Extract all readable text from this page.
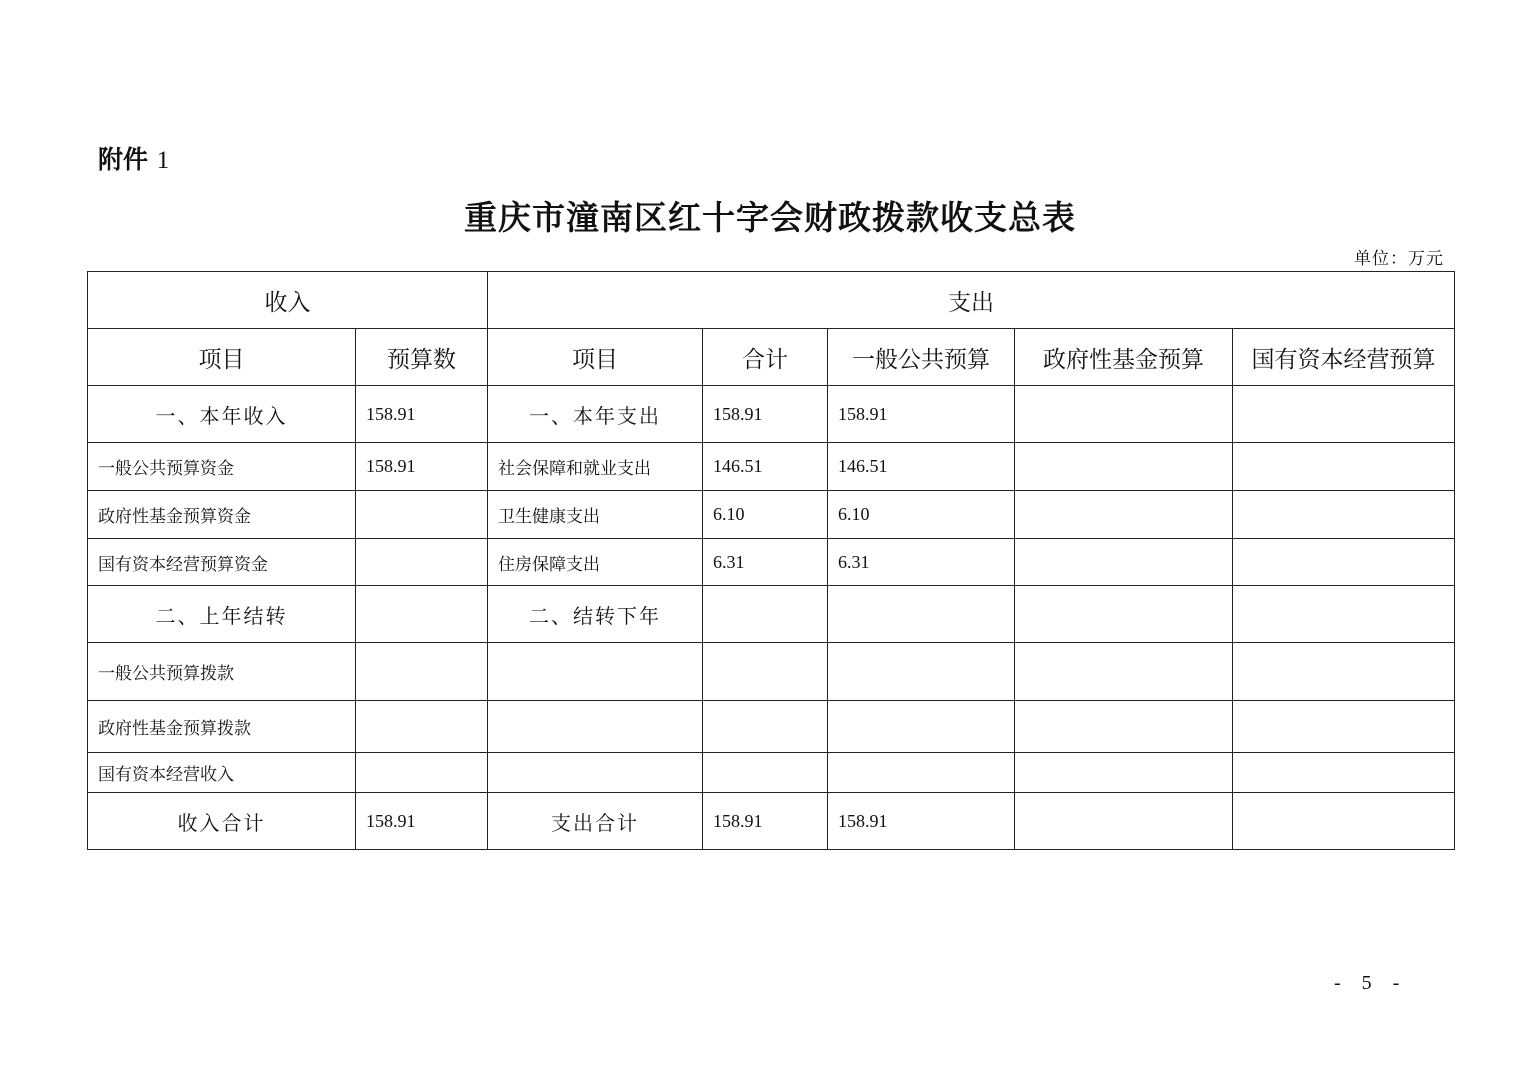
附件 1
重庆市潼南区红十字会财政拨款收支总表
单位：万元
收入		支出				
项目	预算数	项目	合计	一般公共预算	政府性基金预算	国有资本经营预算
一、本年收入	158.91	一、本年支出	158.91	158.91		
一般公共预算资金	158.91	社会保障和就业支出	146.51	146.51		
政府性基金预算资金		卫生健康支出	6.10	6.10		
国有资本经营预算资金		住房保障支出	6.31	6.31		
二、上年结转		二、结转下年				
一般公共预算拨款						
政府性基金预算拨款						
国有资本经营收入						
收入合计	158.91	支出合计	158.91	158.91		
- 5 -
